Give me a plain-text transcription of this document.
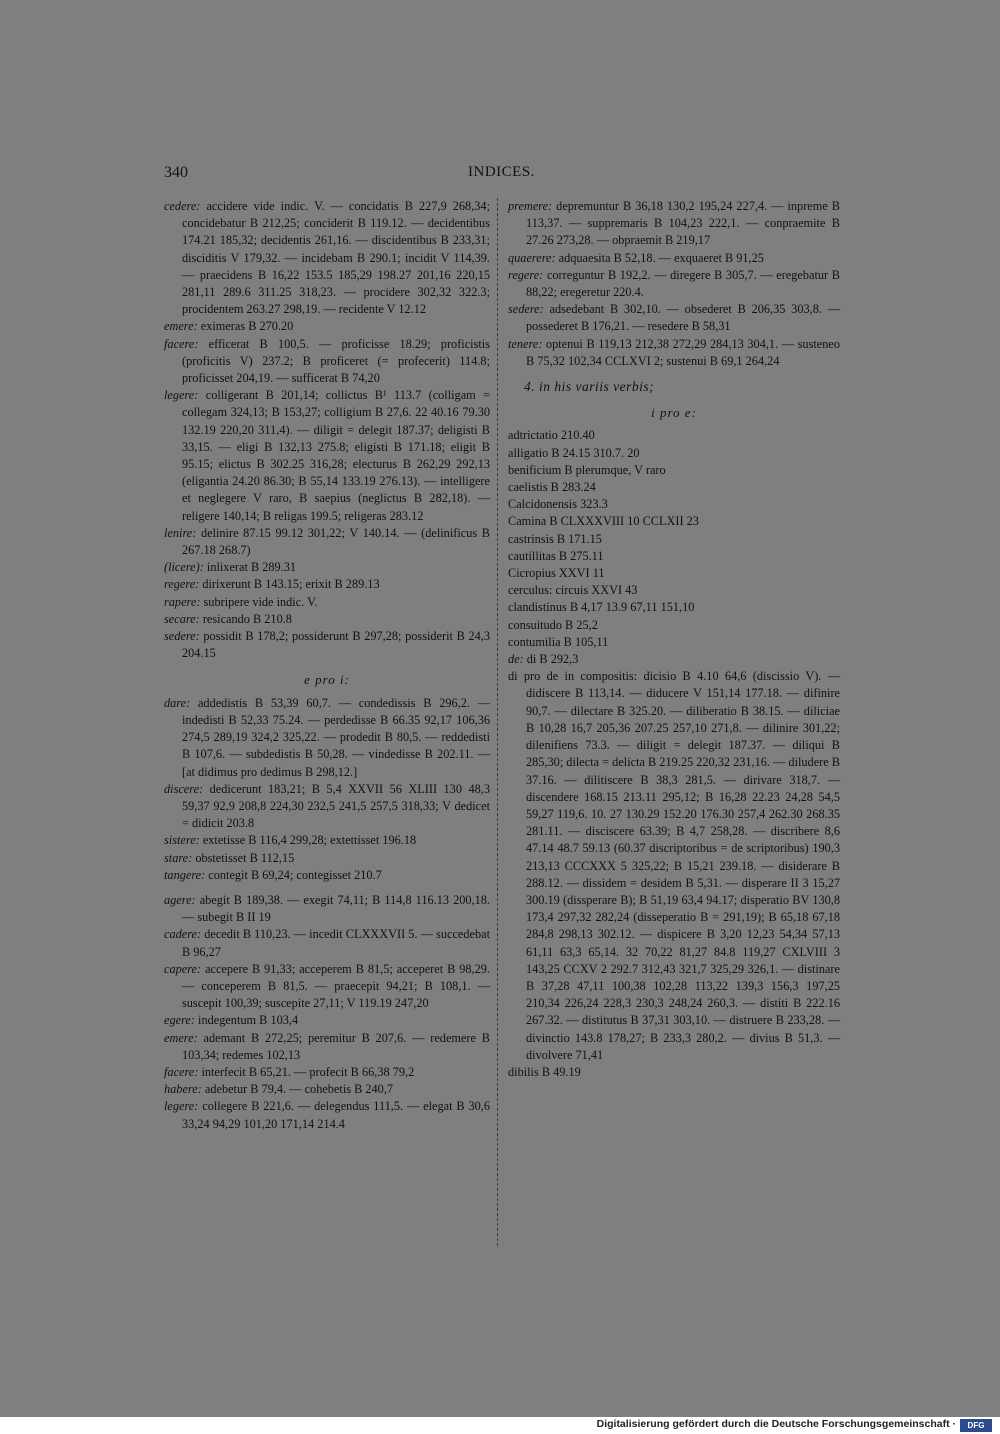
340	INDICES.

cedere: accidere vide indic. V. — concidatis B 227,9 268,34; concidebatur B 212,25; conciderit B 119.12. — decidentibus 174.21 185,32; decidentis 261,16. — discidentibus B 233,31; disciditis V 179,32. — incidebam B 290.1; incidit V 114,39. — praecidens B 16,22 153.5 185,29 198.27 201,16 220,15 281,11 289.6 311.25 318,23. — procidere 302,32 322.3; procidentem 263.27 298,19. — recidente V 12.12

emere: eximeras B 270.20

facere: efficerat B 100,5. — proficisse 18.29; proficistis (proficitis V) 237.2; B proficeret (= profecerit) 114.8; proficisset 204,19. — sufficerat B 74,20

legere: colligerant B 201,14; collictus B¹ 113.7 (colligam = collegam 324,13; B 153,27; colligium B 27,6. 22 40.16 79.30 132.19 220,20 311,4). — diligit = delegit 187.37; deligisti B 33,15. — eligi B 132,13 275.8; eligisti B 171.18; eligit B 95.15; elictus B 302.25 316,28; electurus B 262,29 292,13 (eligantia 24.20 86.30; B 55,14 133.19 276.13). — intelligere et neglegere V raro, B saepius (neglictus B 282,18). — religere 140,14; B religas 199.5; religeras 283.12

lenire: delinire 87.15 99.12 301,22; V 140.14. — (delinificus B 267.18 268.7)

(licere): inlixerat B 289.31

regere: dirixerunt B 143.15; erixit B 289.13

rapere: subripere vide indic. V.

secare: resicando B 210.8

sedere: possidit B 178,2; possiderunt B 297,28; possiderit B 24,3 204.15

e pro i:

dare: addedistis B 53,39 60,7. — condedissis B 296,2. — indedisti B 52,33 75.24. — perdedisse B 66.35 92,17 106,36 274,5 289,19 324,2 325,22. — prodedit B 80,5. — reddedisti B 107,6. — subdedistis B 50,28. — vindedisse B 202.11. — [at didimus pro dedimus B 298,12.]

discere: dedicerunt 183,21; B 5,4 XXVII 56 XLIII 130 48,3 59,37 92,9 208,8 224,30 232,5 241,5 257,5 318,33; V dedicet = didicit 203.8

sistere: extetisse B 116,4 299,28; extettisset 196.18

stare: obstetisset B 112,15

tangere: contegit B 69,24; contegisset 210.7

agere: abegit B 189,38. — exegit 74,11; B 114,8 116.13 200,18. — subegit B II 19

cadere: decedit B 110,23. — incedit CLXXXVII 5. — succedebat B 96,27

capere: accepere B 91,33; acceperem B 81,5; acceperet B 98,29. — conceperem B 81,5. — praecepit 94,21; B 108,1. — suscepit 100,39; suscepite 27,11; V 119.19 247,20

egere: indegentum B 103,4

emere: ademant B 272,25; peremitur B 207,6. — redemere B 103,34; redemes 102,13

facere: interfecit B 65,21. — profecit B 66,38 79,2

habere: adebetur B 79,4. — cohebetis B 240,7

legere: collegere B 221,6. — delegendus 111,5. — elegat B 30,6 33,24 94,29 101,20 171,14 214.4

premere: depremuntur B 36,18 130,2 195,24 227,4. — inpreme B 113,37. — suppremaris B 104,23 222,1. — conpraemite B 27.26 273,28. — obpraemit B 219,17

quaerere: adquaesita B 52,18. — exquaeret B 91,25

regere: correguntur B 192,2. — diregere B 305,7. — eregebatur B 88,22; eregeretur 220.4.

sedere: adsedebant B 302,10. — obsederet B 206,35 303,8. — possederet B 176,21. — resedere B 58,31

tenere: optenui B 119,13 212,38 272,29 284,13 304,1. — susteneo B 75,32 102,34 CCLXVI 2; sustenui B 69,1 264,24

4. in his variis verbis;
i pro e:

adtrictatio 210.40

alligatio B 24.15 310.7. 20

benificium B plerumque, V raro

caelistis B 283.24

Calcidonensis 323.3

Camina B CLXXXVIII 10 CCLXII 23

castrinsis B 171.15

cautillitas B 275.11

Cicropius XXVI 11

cerculus: circuis XXVI 43

clandistinus B 4,17 13.9 67,11 151,10

consuitudo B 25,2

contumilia B 105,11

de: di B 292,3

di pro de in compositis: dicisio B 4.10 64,6 (discissio V). — didiscere B 113,14. — diducere V 151,14 177.18. — difinire 90,7. — dilectare B 325.20. — diliberatio B 38.15. — diliciae B 10,28 16,7 205,36 207.25 257,10 271,8. — dilinire 301,22; dilenifiens 73.3. — diligit = delegit 187.37. — diliqui B 285,30; dilecta = delicta B 219.25 220,32 231,16. — diludere B 37.16. — dilitiscere B 38,3 281,5. — dirivare 318,7. — discendere 168.15 213.11 295,12; B 16,28 22.23 24,28 54,5 59,27 119,6. 10. 27 130.29 152.20 176.30 257,4 262.30 268.35 281.11. — disciscere 63.39; B 4,7 258,28. — discribere 8,6 47.14 48.7 59.13 (60.37 discriptoribus = de scriptoribus) 190,3 213,13 CCCXXX 5 325,22; B 15,21 239.18. — disiderare B 288.12. — dissidem = desidem B 5,31. — disperare II 3 15,27 300.19 (dissperare B); B 51,19 63,4 94.17; disperatio BV 130,8 173,4 297,32 282,24 (disseperatio B = 291,19); B 65,18 67,18 284,8 298,13 302.12. — dispicere B 3,20 12,23 54,34 57,13 61,11 63,3 65,14. 32 70,22 81,27 84.8 119,27 CXLVIII 3 143,25 CCXV 2 292.7 312,43 321,7 325,29 326,1. — distinare B 37,28 47,11 100,38 102,28 113,22 139,3 156,3 197,25 210,34 226,24 228,3 230,3 248,24 260,3. — distiti B 222.16 267.32. — distitutus B 37,31 303,10. — distruere B 233,28. — divinctio 143.8 178,27; B 233,3 280,2. — divius B 51,3. — divolvere 71,41

dibilis B 49.19

Digitalisierung gefördert durch die Deutsche Forschungsgemeinschaft ·	DFG
